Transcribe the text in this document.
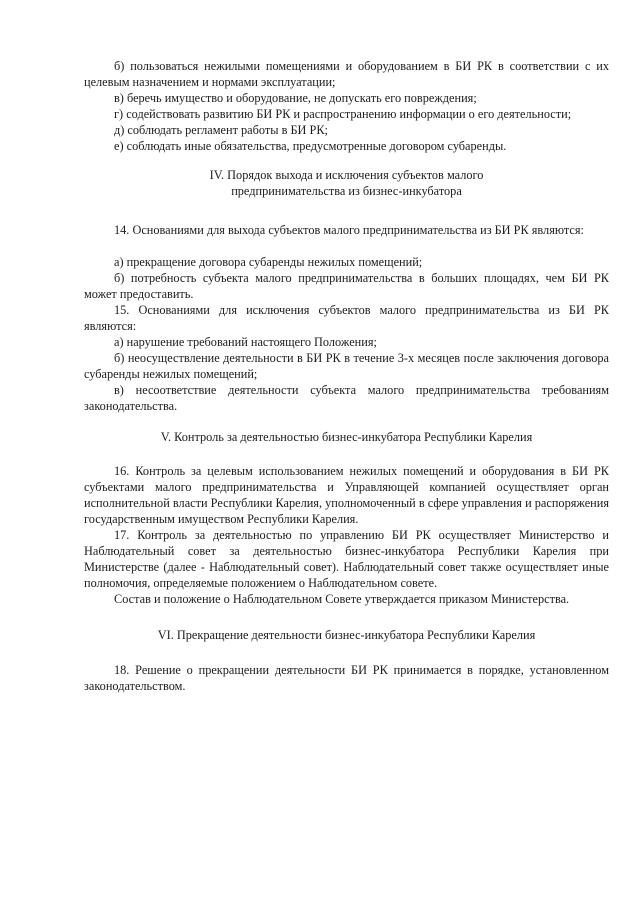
б) пользоваться нежилыми помещениями и оборудованием в БИ РК в соответствии с их целевым назначением и нормами эксплуатации;

в) беречь имущество и оборудование, не допускать его повреждения;

г) содействовать развитию БИ РК и распространению информации о его деятельности;

д) соблюдать регламент работы в БИ РК;

е) соблюдать иные обязательства, предусмотренные договором субаренды.

IV. Порядок выхода и исключения субъектов малого

предпринимательства из бизнес-инкубатора

14. Основаниями для выхода субъектов малого предпринимательства из БИ РК являются:

а) прекращение договора субаренды нежилых помещений;

б) потребность субъекта малого предпринимательства в больших площадях, чем БИ РК может предоставить.

15. Основаниями для исключения субъектов малого предпринимательства из БИ РК являются:

а) нарушение требований настоящего Положения;

б) неосуществление деятельности в БИ РК в течение 3-х месяцев после заключения договора субаренды нежилых помещений;

в) несоответствие деятельности субъекта малого предпринимательства требованиям законодательства.

V. Контроль за деятельностью бизнес-инкубатора Республики Карелия

16. Контроль за целевым использованием нежилых помещений и оборудования в БИ РК субъектами малого предпринимательства и Управляющей компанией осуществляет орган исполнительной власти Республики Карелия, уполномоченный в сфере управления и распоряжения государственным имуществом Республики Карелия.

17. Контроль за деятельностью по управлению БИ РК осуществляет Министерство и Наблюдательный совет за деятельностью бизнес-инкубатора Республики Карелия при Министерстве (далее - Наблюдательный совет). Наблюдательный совет также осуществляет иные полномочия, определяемые положением о Наблюдательном совете.

Состав и положение о Наблюдательном Совете утверждается приказом Министерства.

VI. Прекращение деятельности бизнес-инкубатора Республики Карелия

18. Решение о прекращении деятельности БИ РК принимается в порядке, установленном законодательством.
